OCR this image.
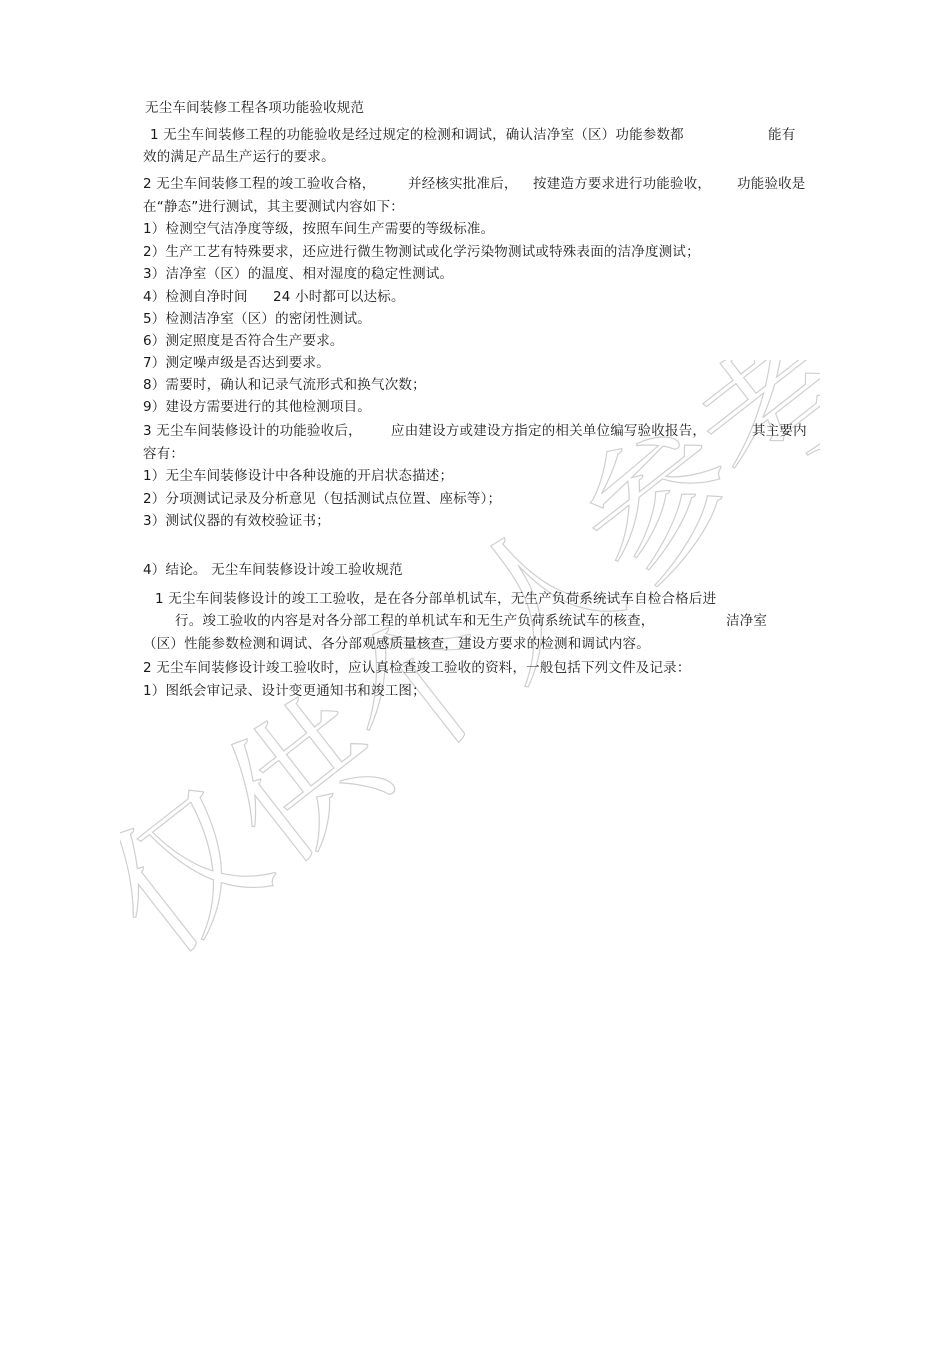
仅供个人参考
无尘车间装修工程各项功能验收规范
1 无尘车间装修工程的功能验收是经过规定的检测和调试，确认洁净室（区）功能参数都	能有
效的满足产品生产运行的要求。
2 无尘车间装修工程的竣工验收合格， 并经核实批准后， 按建造方要求进行功能验收， 功能验收是
在“静态”进行测试，其主要测试内容如下：
1）检测空气洁净度等级，按照车间生产需要的等级标准。
2）生产工艺有特殊要求，还应进行微生物测试或化学污染物测试或特殊表面的洁净度测试；
3）洁净室（区）的温度、相对湿度的稳定性测试。
4）检测自净时间 24 小时都可以达标。
5）检测洁净室（区）的密闭性测试。
6）测定照度是否符合生产要求。
7）测定噪声级是否达到要求。
8）需要时，确认和记录气流形式和换气次数；
9）建设方需要进行的其他检测项目。
3 无尘车间装修设计的功能验收后， 应由建设方或建设方指定的相关单位编写验收报告，	其主要内
容有：
1）无尘车间装修设计中各种设施的开启状态描述；
2）分项测试记录及分析意见（包括测试点位置、座标等）；
3）测试仪器的有效校验证书；
4）结论。 无尘车间装修设计竣工验收规范
1 无尘车间装修设计的竣工工验收，是在各分部单机试车，无生产负荷系统试车自检合格后进
行。竣工验收的内容是对各分部工程的单机试车和无生产负荷系统试车的核查，	洁净室
（区）性能参数检测和调试、各分部观感质量核查，建设方要求的检测和调试内容。
2 无尘车间装修设计竣工验收时，应认真检查竣工验收的资料，一般包括下列文件及记录：
1）图纸会审记录、设计变更通知书和竣工图；
